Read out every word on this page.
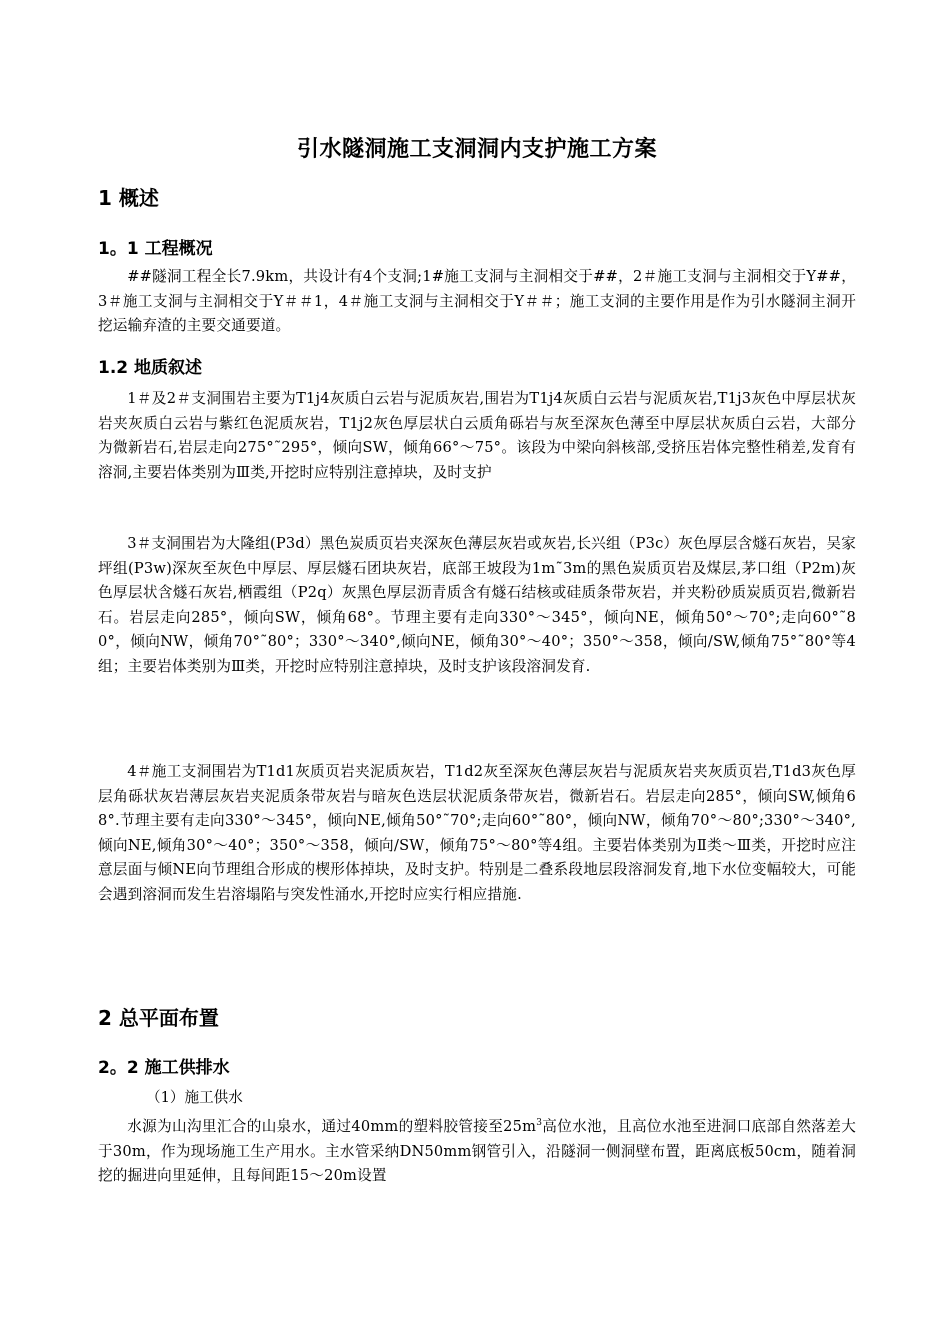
引水隧洞施工支洞洞内支护施工方案
1 概述
1。1 工程概况
##隧洞工程全长7.9km，共设计有4个支洞;1#施工支洞与主洞相交于##，2＃施工支洞与主洞相交于Y##，3＃施工支洞与主洞相交于Y＃＃1，4＃施工支洞与主洞相交于Y＃＃；施工支洞的主要作用是作为引水隧洞主洞开挖运输弃渣的主要交通要道。
1.2 地质叙述
1＃及2＃支洞围岩主要为T1j4灰质白云岩与泥质灰岩,围岩为T1j4灰质白云岩与泥质灰岩,T1j3灰色中厚层状灰岩夹灰质白云岩与紫红色泥质灰岩，T1j2灰色厚层状白云质角砾岩与灰至深灰色薄至中厚层状灰质白云岩，大部分为微新岩石,岩层走向275°˜295°，倾向SW，倾角66°～75°。该段为中梁向斜核部,受挤压岩体完整性稍差,发育有溶洞,主要岩体类别为Ⅲ类,开挖时应特别注意掉块，及时支护
3＃支洞围岩为大隆组(P3d）黑色炭质页岩夹深灰色薄层灰岩或灰岩,长兴组（P3c）灰色厚层含燧石灰岩，吴家坪组(P3w)深灰至灰色中厚层、厚层燧石团块灰岩，底部王坡段为1m˜3m的黑色炭质页岩及煤层,茅口组（P2m)灰色厚层状含燧石灰岩,栖霞组（P2q）灰黑色厚层沥青质含有燧石结核或硅质条带灰岩，并夹粉砂质炭质页岩,微新岩石。岩层走向285°，倾向SW，倾角68°。节理主要有走向330°～345°，倾向NE，倾角50°～70°;走向60°˜80°，倾向NW，倾角70°˜80°；330°～340°,倾向NE，倾角30°～40°；350°～358，倾向/SW,倾角75°˜80°等4组；主要岩体类别为Ⅲ类，开挖时应特别注意掉块，及时支护该段溶洞发育.
4＃施工支洞围岩为T1d1灰质页岩夹泥质灰岩，T1d2灰至深灰色薄层灰岩与泥质灰岩夹灰质页岩,T1d3灰色厚层角砾状灰岩薄层灰岩夹泥质条带灰岩与暗灰色迭层状泥质条带灰岩，微新岩石。岩层走向285°，倾向SW,倾角68°.节理主要有走向330°～345°，倾向NE,倾角50°˜70°;走向60°˜80°，倾向NW，倾角70°～80°;330°～340°,倾向NE,倾角30°～40°；350°～358，倾向/SW，倾角75°～80°等4组。主要岩体类别为Ⅱ类～Ⅲ类，开挖时应注意层面与倾NE向节理组合形成的楔形体掉块，及时支护。特别是二叠系段地层段溶洞发育,地下水位变幅较大，可能会遇到溶洞而发生岩溶塌陷与突发性涌水,开挖时应实行相应措施.
2 总平面布置
2。2 施工供排水
（1）施工供水
水源为山沟里汇合的山泉水，通过40mm的塑料胶管接至$25m^3$高位水池，且高位水池至进洞口底部自然落差大于30m，作为现场施工生产用水。主水管采纳DN50mm钢管引入，沿隧洞一侧洞壁布置，距离底板50cm，随着洞挖的掘进向里延伸，且每间距15～20m设置
